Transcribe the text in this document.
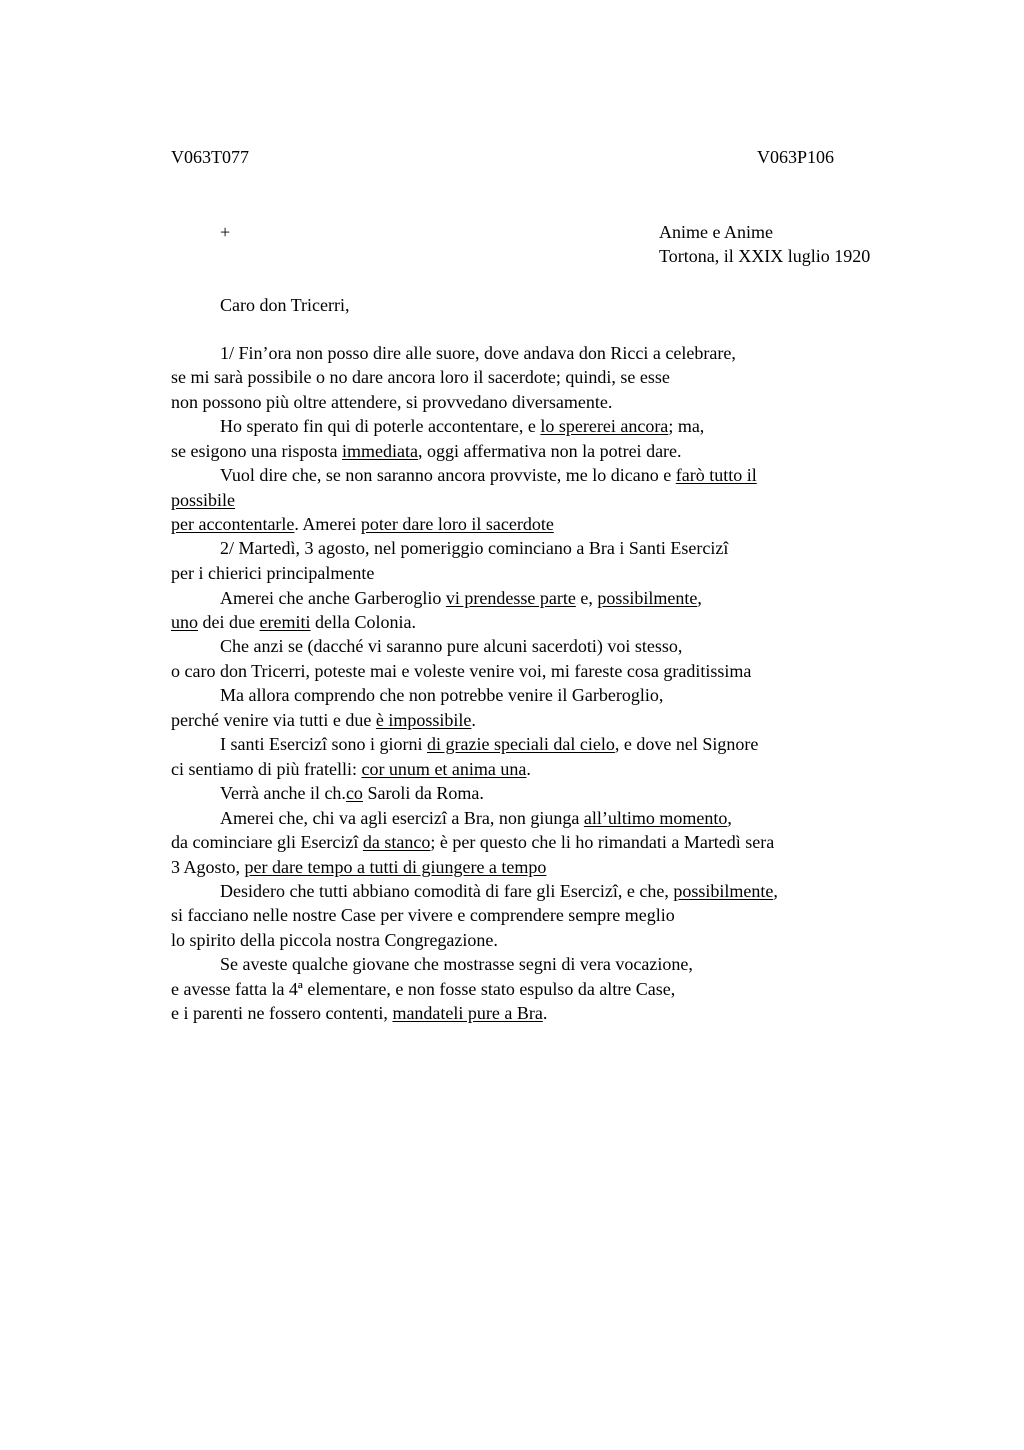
V063T077	V063P106
+	Anime e Anime
Tortona, il XXIX luglio 1920
Caro don Tricerri,
1/ Fin’ora non posso dire alle suore, dove andava don Ricci a celebrare,
se mi sarà possibile o no dare ancora loro il sacerdote; quindi, se esse
non possono più oltre attendere, si provvedano diversamente.
Ho sperato fin qui di poterle accontentare, e lo spererei ancora; ma,
se esigono una risposta immediata, oggi affermativa non la potrei dare.
Vuol dire che, se non saranno ancora provviste, me lo dicano e farò tutto il
possibile
per accontentarle. Amerei poter dare loro il sacerdote
2/ Martedì, 3 agosto, nel pomeriggio cominciano a Bra i Santi Esercizi
per i chierici principalmente
Amerei che anche Garberoglio vi prendesse parte e, possibilmente,
uno dei due eremiti della Colonia.
Che anzi se (dacché vi saranno pure alcuni sacerdoti) voi stesso,
o caro don Tricerri, poteste mai e voleste venire voi, mi fareste cosa graditissima
Ma allora comprendo che non potrebbe venire il Garberoglio,
perché venire via tutti e due è impossibile.
I santi Esercizi sono i giorni di grazie speciali dal cielo, e dove nel Signore
ci sentiamo di più fratelli: cor unum et anima una.
Verrà anche il ch.co Saroli da Roma.
Amerei che, chi va agli esercizi a Bra, non giunga all’ultimo momento,
da cominciare gli Esercizi da stanco; è per questo che li ho rimandati a Martedì sera
3 Agosto, per dare tempo a tutti di giungere a tempo
Desidero che tutti abbiano comodità di fare gli Esercizi, e che, possibilmente,
si facciano nelle nostre Case per vivere e comprendere sempre meglio
lo spirito della piccola nostra Congregazione.
Se aveste qualche giovane che mostrasse segni di vera vocazione,
e avesse fatta la 4ª elementare, e non fosse stato espulso da altre Case,
e i parenti ne fossero contenti, mandateli pure a Bra.
